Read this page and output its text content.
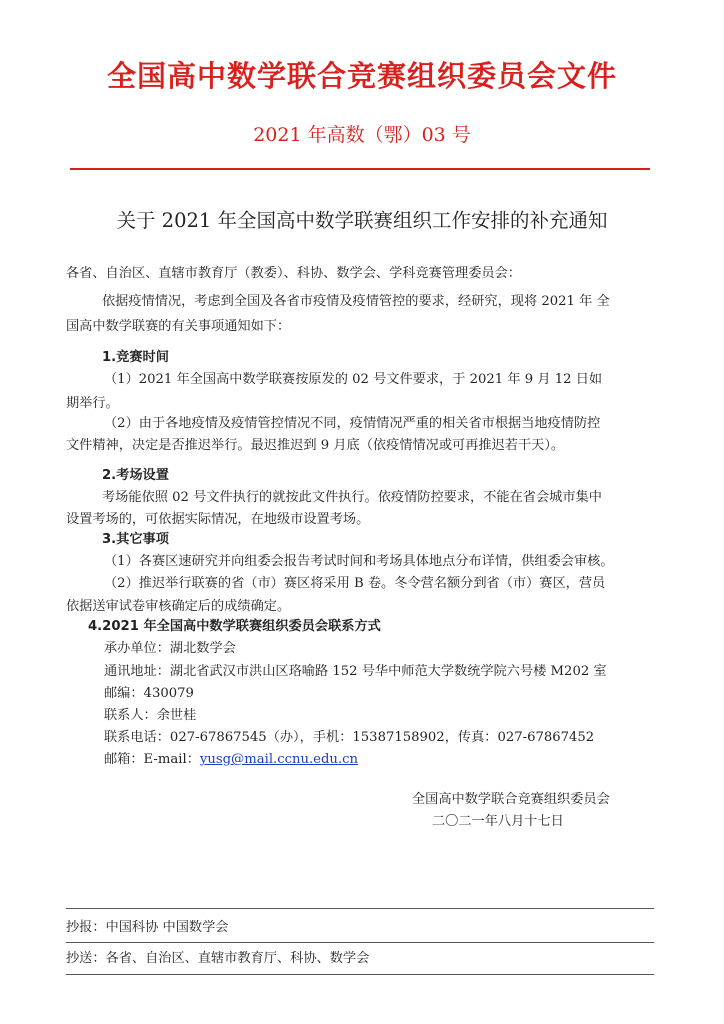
全国高中数学联合竞赛组织委员会文件
2021 年高数（鄂）03 号
关于 2021 年全国高中数学联赛组织工作安排的补充通知
各省、自治区、直辖市教育厅（教委）、科协、数学会、学科竞赛管理委员会：
依据疫情情况，考虑到全国及各省市疫情及疫情管控的要求，经研究，现将 2021 年 全
国高中数学联赛的有关事项通知如下：
1.竞赛时间
（1）2021 年全国高中数学联赛按原发的 02 号文件要求，于 2021 年 9 月 12 日如
期举行。
（2）由于各地疫情及疫情管控情况不同，疫情情况严重的相关省市根据当地疫情防控
文件精神，决定是否推迟举行。最迟推迟到 9 月底（依疫情情况或可再推迟若干天）。
2.考场设置
考场能依照 02 号文件执行的就按此文件执行。依疫情防控要求，不能在省会城市集中
设置考场的，可依据实际情况，在地级市设置考场。
3.其它事项
（1）各赛区速研究并向组委会报告考试时间和考场具体地点分布详情，供组委会审核。
（2）推迟举行联赛的省（市）赛区将采用 B 卷。冬令营名额分到省（市）赛区，营员
依据送审试卷审核确定后的成绩确定。
4.2021 年全国高中数学联赛组织委员会联系方式
承办单位：湖北数学会
通讯地址：湖北省武汉市洪山区珞喻路 152 号华中师范大学数统学院六号楼 M202 室
邮编：430079
联系人：余世桂
联系电话：027-67867545（办），手机：15387158902，传真：027-67867452
邮箱：E-mail：yusg@mail.ccnu.edu.cn
全国高中数学联合竞赛组织委员会
二〇二一年八月十七日
抄报：中国科协 中国数学会
抄送：各省、自治区、直辖市教育厅、科协、数学会
